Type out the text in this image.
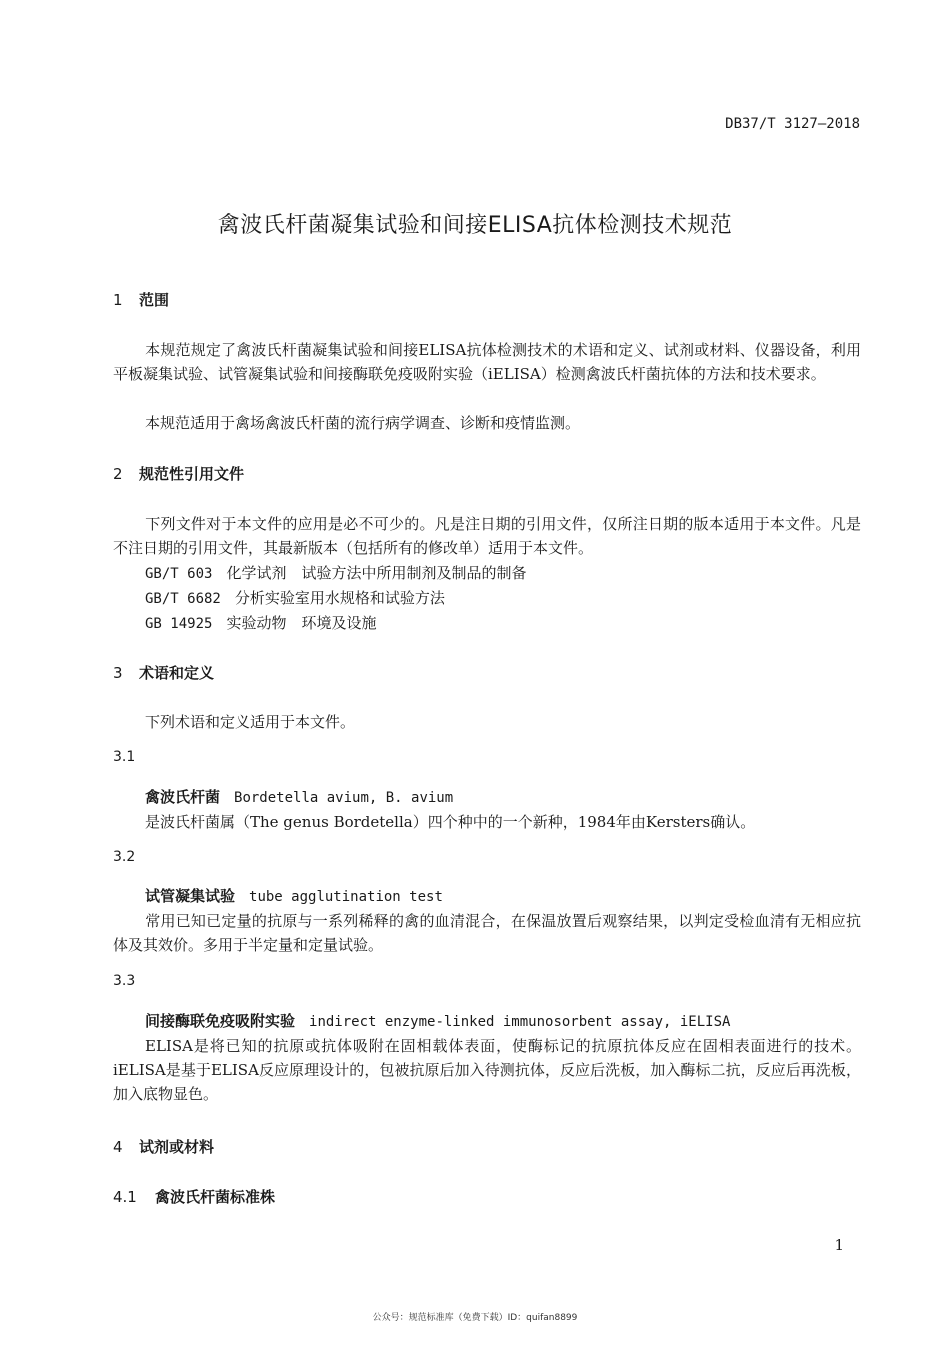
DB37/T 3127—2018
禽波氏杆菌凝集试验和间接ELISA抗体检测技术规范
1 范围
本规范规定了禽波氏杆菌凝集试验和间接ELISA抗体检测技术的术语和定义、试剂或材料、仪器设备，利用平板凝集试验、试管凝集试验和间接酶联免疫吸附实验（iELISA）检测禽波氏杆菌抗体的方法和技术要求。
本规范适用于禽场禽波氏杆菌的流行病学调查、诊断和疫情监测。
2 规范性引用文件
下列文件对于本文件的应用是必不可少的。凡是注日期的引用文件，仅所注日期的版本适用于本文件。凡是不注日期的引用文件，其最新版本（包括所有的修改单）适用于本文件。
GB/T 603 化学试剂　试验方法中所用制剂及制品的制备
GB/T 6682 分析实验室用水规格和试验方法
GB 14925 实验动物　环境及设施
3 术语和定义
下列术语和定义适用于本文件。
3.1
禽波氏杆菌 Bordetella avium, B. avium
是波氏杆菌属（The genus Bordetella）四个种中的一个新种，1984年由Kersters确认。
3.2
试管凝集试验 tube agglutination test
常用已知已定量的抗原与一系列稀释的禽的血清混合，在保温放置后观察结果，以判定受检血清有无相应抗体及其效价。多用于半定量和定量试验。
3.3
间接酶联免疫吸附实验 indirect enzyme-linked immunosorbent assay, iELISA
ELISA是将已知的抗原或抗体吸附在固相载体表面，使酶标记的抗原抗体反应在固相表面进行的技术。iELISA是基于ELISA反应原理设计的，包被抗原后加入待测抗体，反应后洗板，加入酶标二抗，反应后再洗板，加入底物显色。
4 试剂或材料
4.1 禽波氏杆菌标准株
1
公众号：规范标准库（免费下载）ID：quifan8899
